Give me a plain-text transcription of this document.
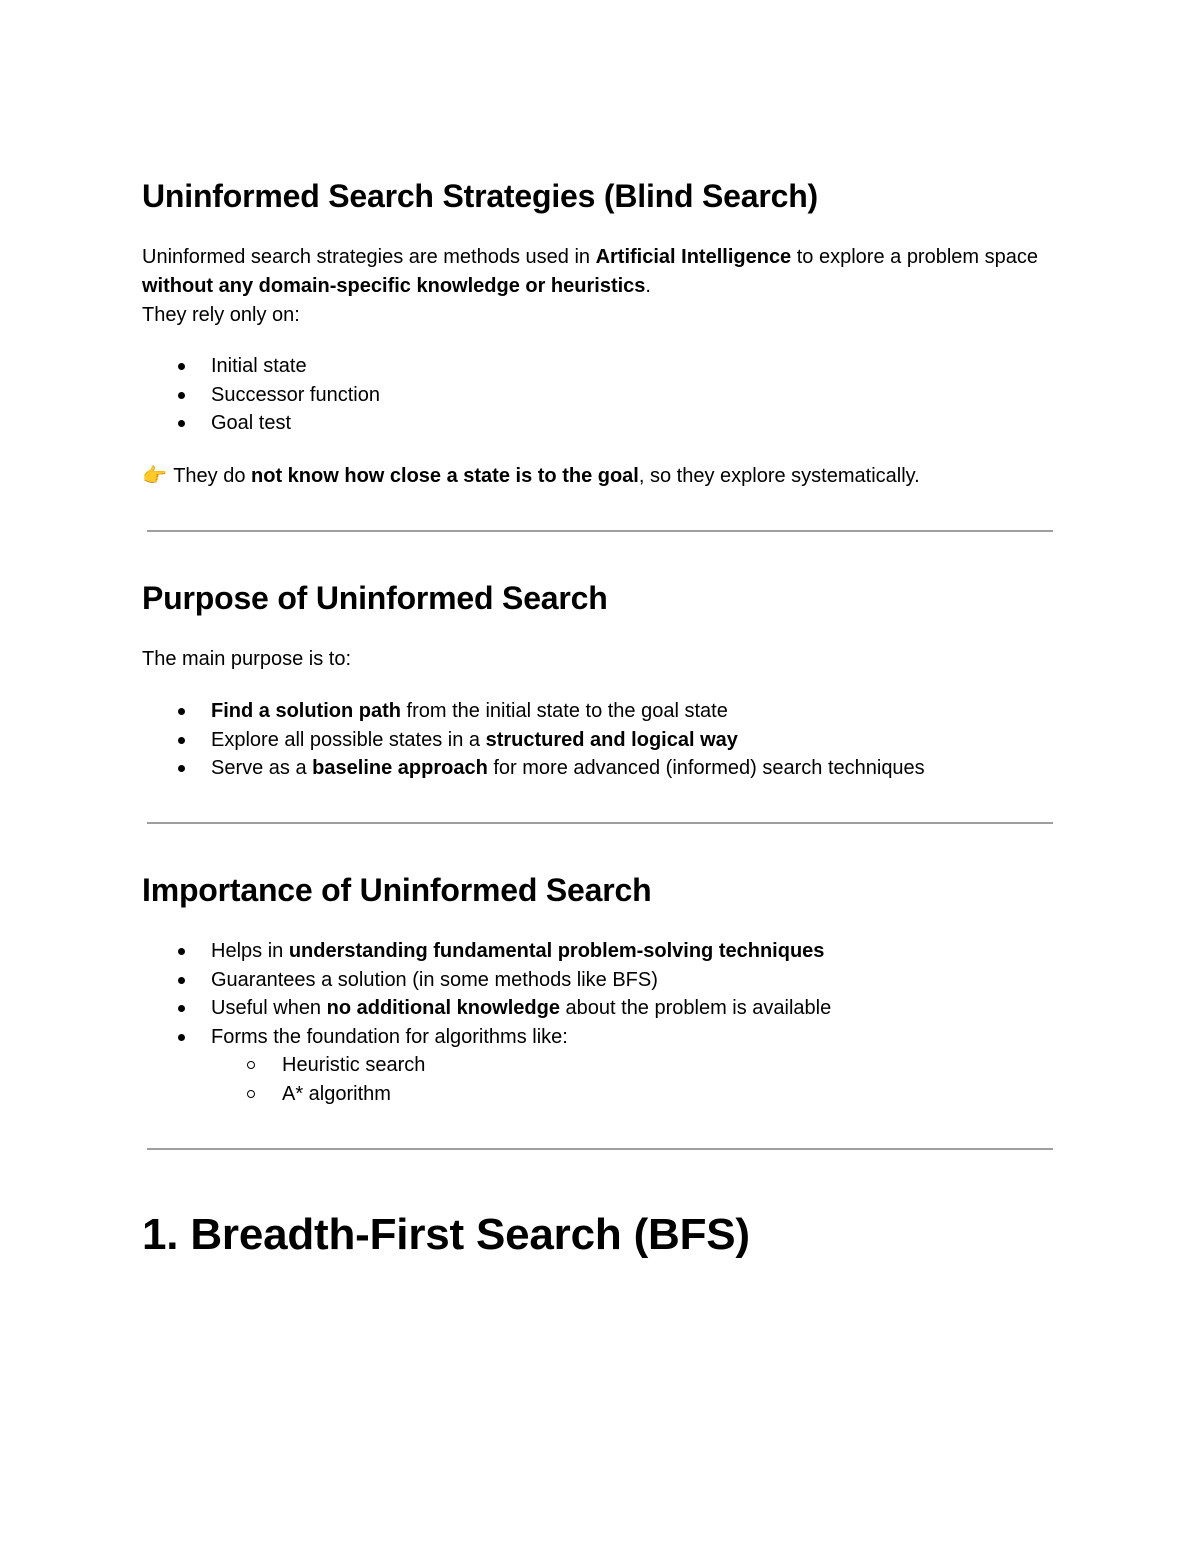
Uninformed Search Strategies (Blind Search)

Uninformed search strategies are methods used in Artificial Intelligence to explore a problem space without any domain-specific knowledge or heuristics.
They rely only on:

Initial state
Successor function
Goal test

👉 They do not know how close a state is to the goal, so they explore systematically.

Purpose of Uninformed Search

The main purpose is to:

Find a solution path from the initial state to the goal state
Explore all possible states in a structured and logical way
Serve as a baseline approach for more advanced (informed) search techniques
Importance of Uninformed Search
Helps in understanding fundamental problem-solving techniques
Guarantees a solution (in some methods like BFS)
Useful when no additional knowledge about the problem is available
Forms the foundation for algorithms like:
Heuristic search
A* algorithm
1. Breadth-First Search (BFS)
